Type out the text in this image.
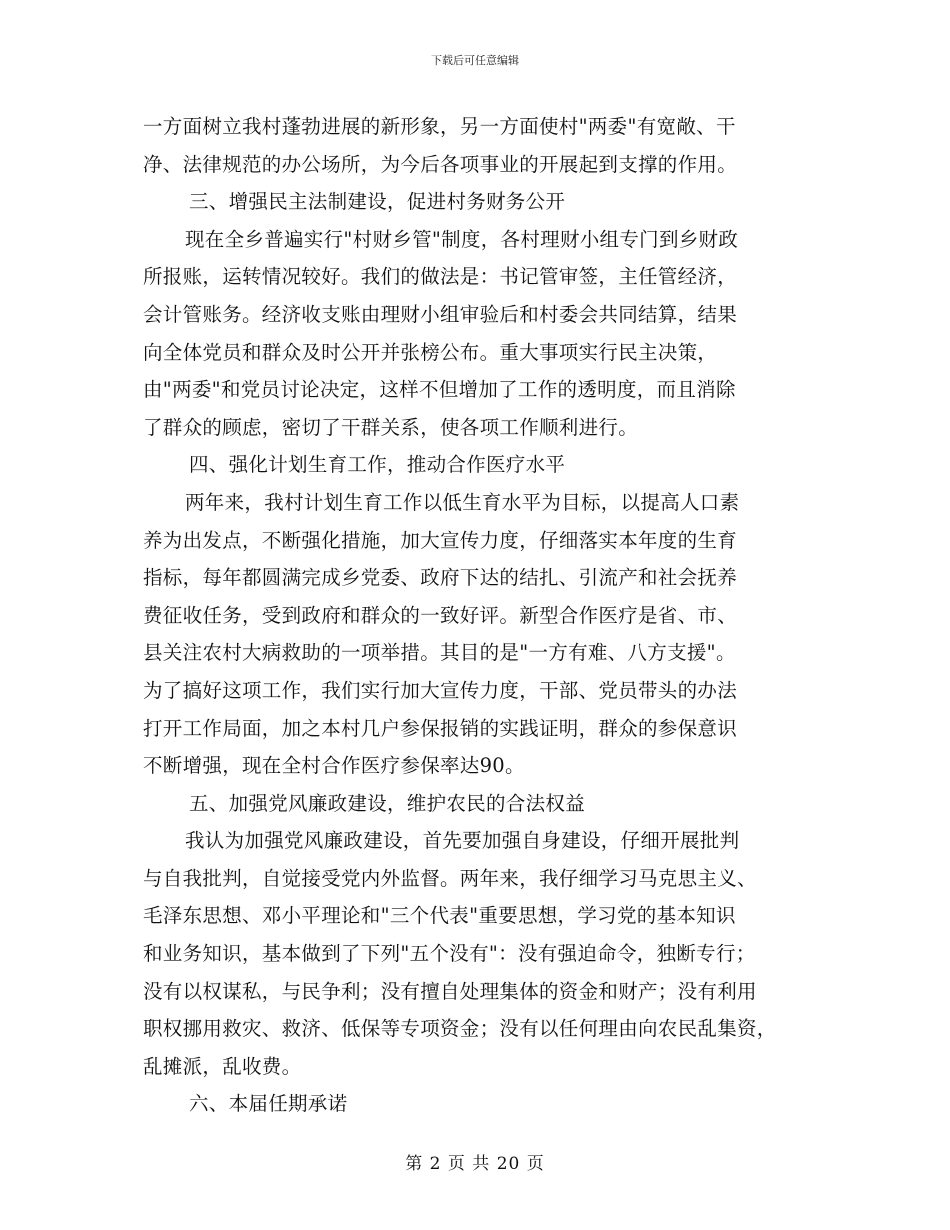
下载后可任意编辑
一方面树立我村蓬勃进展的新形象，另一方面使村"两委"有宽敞、干
净、法律规范的办公场所，为今后各项事业的开展起到支撑的作用。
三、增强民主法制建设，促进村务财务公开
现在全乡普遍实行"村财乡管"制度，各村理财小组专门到乡财政
所报账，运转情况较好。我们的做法是：书记管审签，主任管经济，
会计管账务。经济收支账由理财小组审验后和村委会共同结算，结果
向全体党员和群众及时公开并张榜公布。重大事项实行民主决策，
由"两委"和党员讨论决定，这样不但增加了工作的透明度，而且消除
了群众的顾虑，密切了干群关系，使各项工作顺利进行。
四、强化计划生育工作，推动合作医疗水平
两年来，我村计划生育工作以低生育水平为目标，以提高人口素
养为出发点，不断强化措施，加大宣传力度，仔细落实本年度的生育
指标，每年都圆满完成乡党委、政府下达的结扎、引流产和社会抚养
费征收任务，受到政府和群众的一致好评。新型合作医疗是省、市、
县关注农村大病救助的一项举措。其目的是"一方有难、八方支援"。
为了搞好这项工作，我们实行加大宣传力度，干部、党员带头的办法
打开工作局面，加之本村几户参保报销的实践证明，群众的参保意识
不断增强，现在全村合作医疗参保率达90。
五、加强党风廉政建设，维护农民的合法权益
我认为加强党风廉政建设，首先要加强自身建设，仔细开展批判
与自我批判，自觉接受党内外监督。两年来，我仔细学习马克思主义、
毛泽东思想、邓小平理论和"三个代表"重要思想，学习党的基本知识
和业务知识，基本做到了下列"五个没有"：没有强迫命令，独断专行；
没有以权谋私，与民争利；没有擅自处理集体的资金和财产；没有利用
职权挪用救灾、救济、低保等专项资金；没有以任何理由向农民乱集资，
乱摊派，乱收费。
六、本届任期承诺
第 2 页 共 20 页
